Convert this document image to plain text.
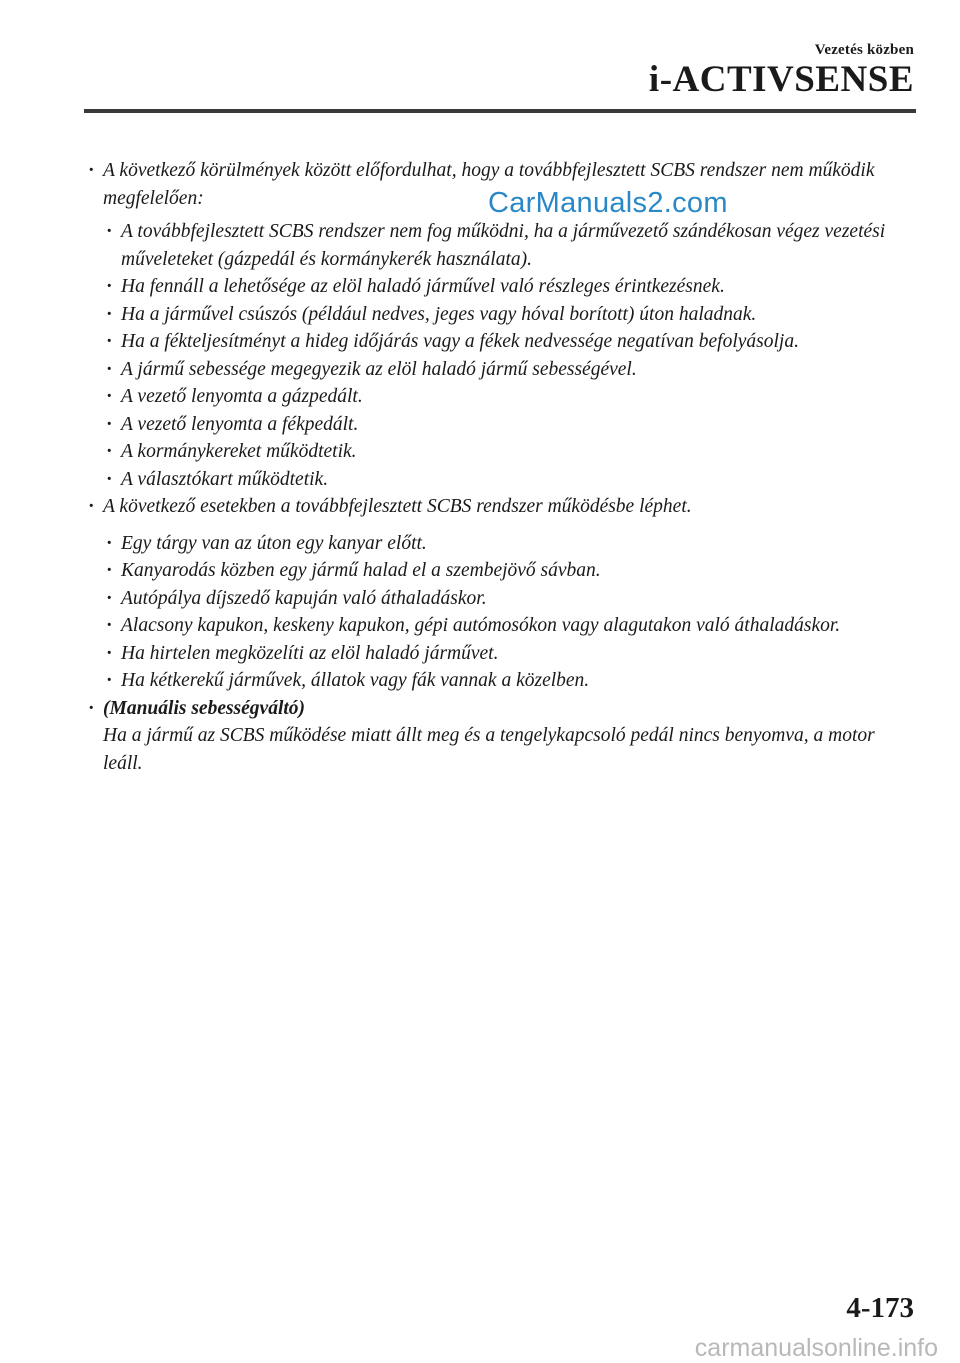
Vezetés közben
i-ACTIVSENSE
CarManuals2.com
· A következő körülmények között előfordulhat, hogy a továbbfejlesztett SCBS rendszer nem működik megfelelően:
· A továbbfejlesztett SCBS rendszer nem fog működni, ha a járművezető szándékosan végez vezetési műveleteket (gázpedál és kormánykerék használata).
· Ha fennáll a lehetősége az elöl haladó járművel való részleges érintkezésnek.
· Ha a járművel csúszós (például nedves, jeges vagy hóval borított) úton haladnak.
· Ha a fékteljesítményt a hideg időjárás vagy a fékek nedvessége negatívan befolyásolja.
· A jármű sebessége megegyezik az elöl haladó jármű sebességével.
· A vezető lenyomta a gázpedált.
· A vezető lenyomta a fékpedált.
· A kormánykereket működtetik.
· A választókart működtetik.
· A következő esetekben a továbbfejlesztett SCBS rendszer működésbe léphet.
· Egy tárgy van az úton egy kanyar előtt.
· Kanyarodás közben egy jármű halad el a szembejövő sávban.
· Autópálya díjszedő kapuján való áthaladáskor.
· Alacsony kapukon, keskeny kapukon, gépi autómosókon vagy alagutakon való áthaladáskor.
· Ha hirtelen megközelíti az elöl haladó járművet.
· Ha kétkerekű járművek, állatok vagy fák vannak a közelben.
· (Manuális sebességváltó)
Ha a jármű az SCBS működése miatt állt meg és a tengelykapcsoló pedál nincs benyomva, a motor leáll.
4-173
carmanualsonline.info
